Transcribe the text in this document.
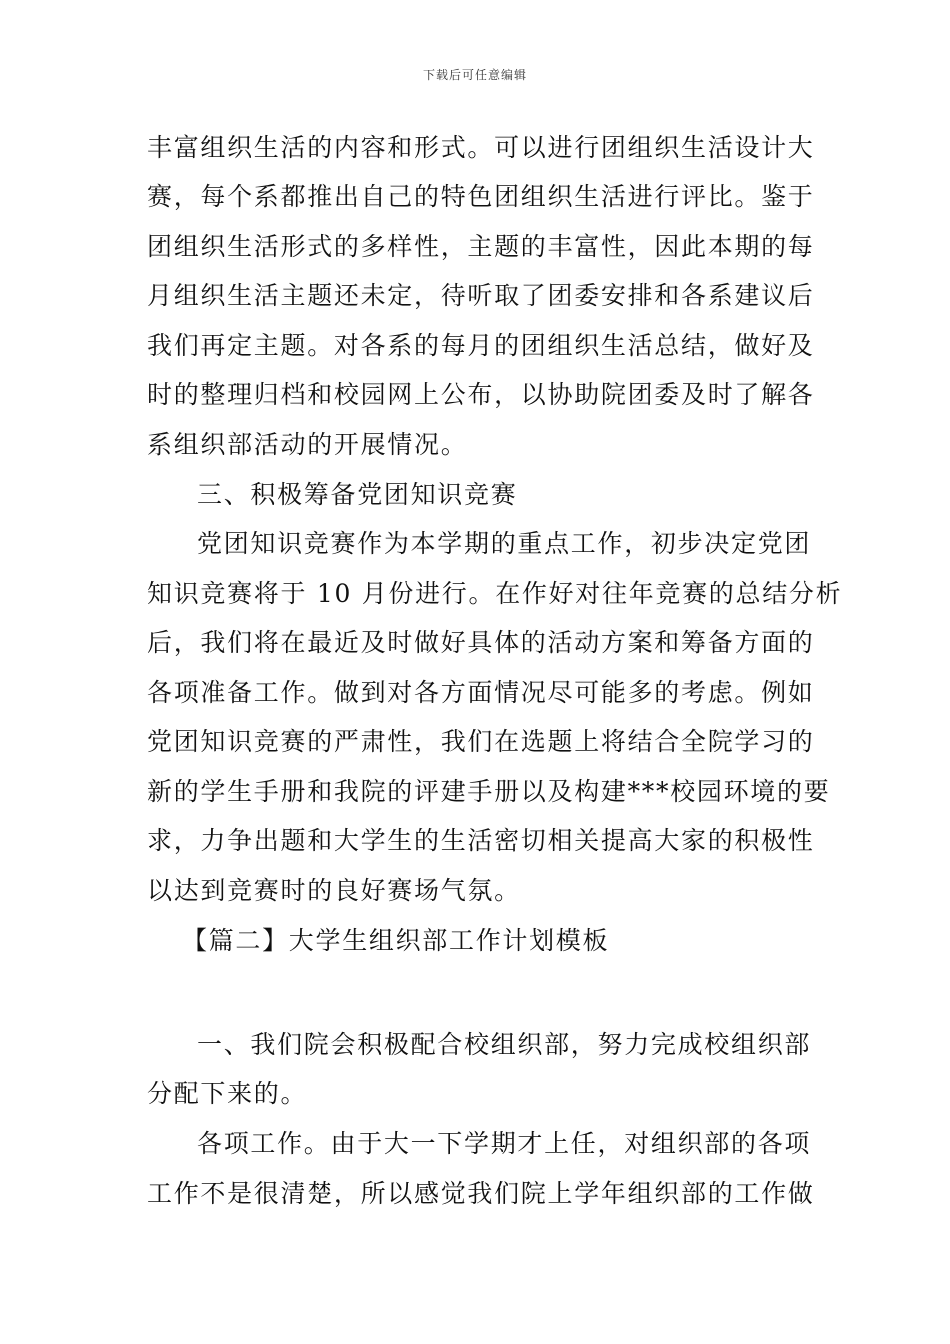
下载后可任意编辑
丰富组织生活的内容和形式。可以进行团组织生活设计大
赛，每个系都推出自己的特色团组织生活进行评比。鉴于
团组织生活形式的多样性，主题的丰富性，因此本期的每
月组织生活主题还未定，待听取了团委安排和各系建议后
我们再定主题。对各系的每月的团组织生活总结，做好及
时的整理归档和校园网上公布，以协助院团委及时了解各
系组织部活动的开展情况。
三、积极筹备党团知识竞赛
党团知识竞赛作为本学期的重点工作，初步决定党团
知识竞赛将于 10 月份进行。在作好对往年竞赛的总结分析
后，我们将在最近及时做好具体的活动方案和筹备方面的
各项准备工作。做到对各方面情况尽可能多的考虑。例如
党团知识竞赛的严肃性，我们在选题上将结合全院学习的
新的学生手册和我院的评建手册以及构建***校园环境的要
求，力争出题和大学生的生活密切相关提高大家的积极性
以达到竞赛时的良好赛场气氛。
【篇二】大学生组织部工作计划模板
一、我们院会积极配合校组织部，努力完成校组织部
分配下来的。
各项工作。由于大一下学期才上任，对组织部的各项
工作不是很清楚，所以感觉我们院上学年组织部的工作做
